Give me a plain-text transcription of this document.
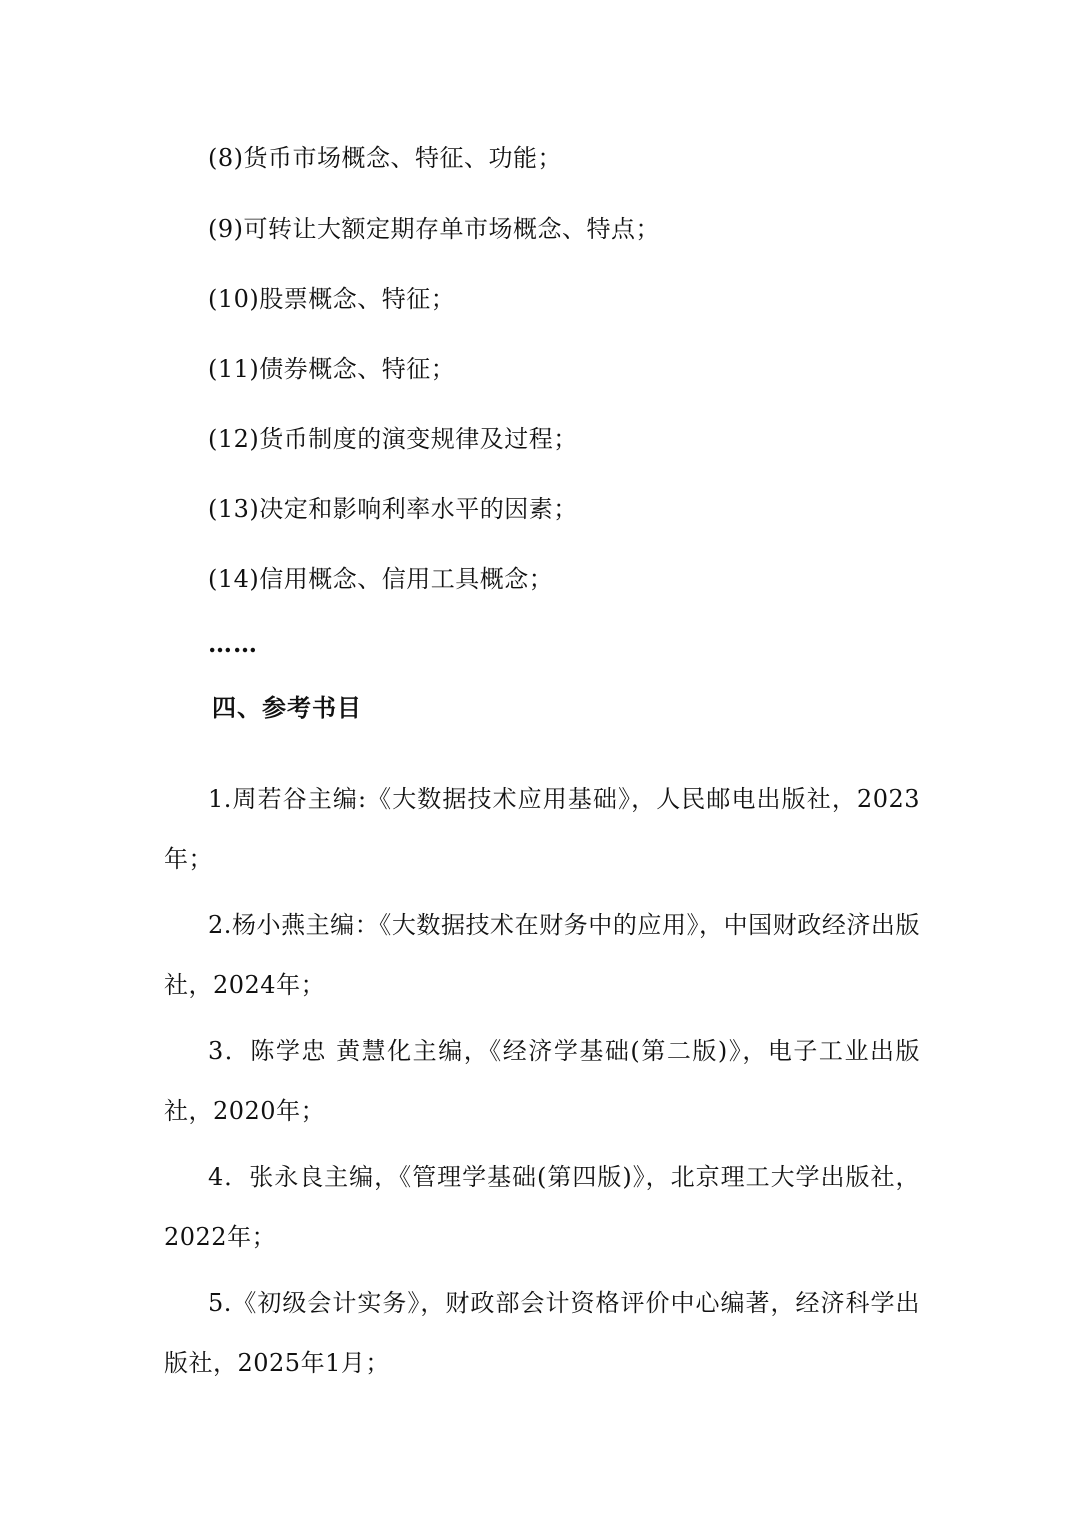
(8)货币市场概念、特征、功能；
(9)可转让大额定期存单市场概念、特点；
(10)股票概念、特征；
(11)债券概念、特征；
(12)货币制度的演变规律及过程；
(13)决定和影响利率水平的因素；
(14)信用概念、信用工具概念；
……
四、参考书目

1.周若谷主编:《大数据技术应用基础》，人民邮电出版社，2023年；

2.杨小燕主编：《大数据技术在财务中的应用》，中国财政经济出版社，2024年；

3．陈学忠 黄慧化主编，《经济学基础(第二版)》，电子工业出版社，2020年；

4．张永良主编，《管理学基础(第四版)》，北京理工大学出版社，2022年；

5.《初级会计实务》，财政部会计资格评价中心编著，经济科学出版社，2025年1月；
